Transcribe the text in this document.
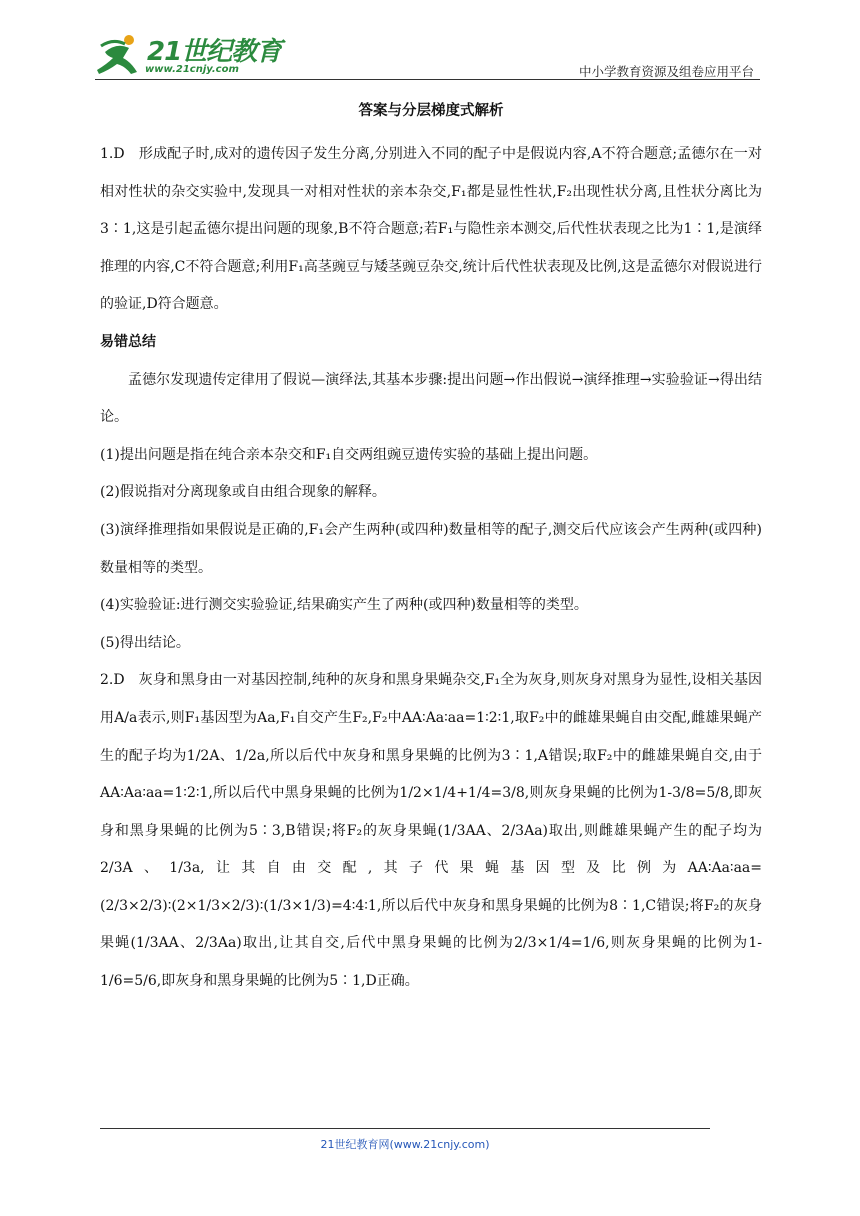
21世纪教育
www.21cnjy.com	中小学教育资源及组卷应用平台
答案与分层梯度式解析

1.D　形成配子时,成对的遗传因子发生分离,分别进入不同的配子中是假说内容,A不符合题意;孟德尔在一对相对性状的杂交实验中,发现具一对相对性状的亲本杂交,F₁都是显性性状,F₂出现性状分离,且性状分离比为3∶1,这是引起孟德尔提出问题的现象,B不符合题意;若F₁与隐性亲本测交,后代性状表现之比为1∶1,是演绎推理的内容,C不符合题意;利用F₁高茎豌豆与矮茎豌豆杂交,统计后代性状表现及比例,这是孟德尔对假说进行的验证,D符合题意。

易错总结

孟德尔发现遗传定律用了假说—演绎法,其基本步骤:提出问题→作出假说→演绎推理→实验验证→得出结论。

(1)提出问题是指在纯合亲本杂交和F₁自交两组豌豆遗传实验的基础上提出问题。

(2)假说指对分离现象或自由组合现象的解释。

(3)演绎推理指如果假说是正确的,F₁会产生两种(或四种)数量相等的配子,测交后代应该会产生两种(或四种)数量相等的类型。

(4)实验验证:进行测交实验验证,结果确实产生了两种(或四种)数量相等的类型。

(5)得出结论。

2.D　灰身和黑身由一对基因控制,纯种的灰身和黑身果蝇杂交,F₁全为灰身,则灰身对黑身为显性,设相关基因用A/a表示,则F₁基因型为Aa,F₁自交产生F₂,F₂中AA∶Aa∶aa=1∶2∶1,取F₂中的雌雄果蝇自由交配,雌雄果蝇产生的配子均为1/2A、1/2a,所以后代中灰身和黑身果蝇的比例为3∶1,A错误;取F₂中的雌雄果蝇自交,由于AA∶Aa∶aa=1∶2∶1,所以后代中黑身果蝇的比例为1/2×1/4+1/4=3/8,则灰身果蝇的比例为1-3/8=5/8,即灰身和黑身果蝇的比例为5∶3,B错误;将F₂的灰身果蝇(1/3AA、2/3Aa)取出,则雌雄果蝇产生的配子均为2/3A、1/3a,让其自由交配,其子代果蝇基因型及比例为AA∶Aa∶aa=(2/3×2/3)∶(2×1/3×2/3)∶(1/3×1/3)=4∶4∶1,所以后代中灰身和黑身果蝇的比例为8∶1,C错误;将F₂的灰身果蝇(1/3AA、2/3Aa)取出,让其自交,后代中黑身果蝇的比例为2/3×1/4=1/6,则灰身果蝇的比例为1-1/6=5/6,即灰身和黑身果蝇的比例为5∶1,D正确。

21世纪教育网(www.21cnjy.com)
